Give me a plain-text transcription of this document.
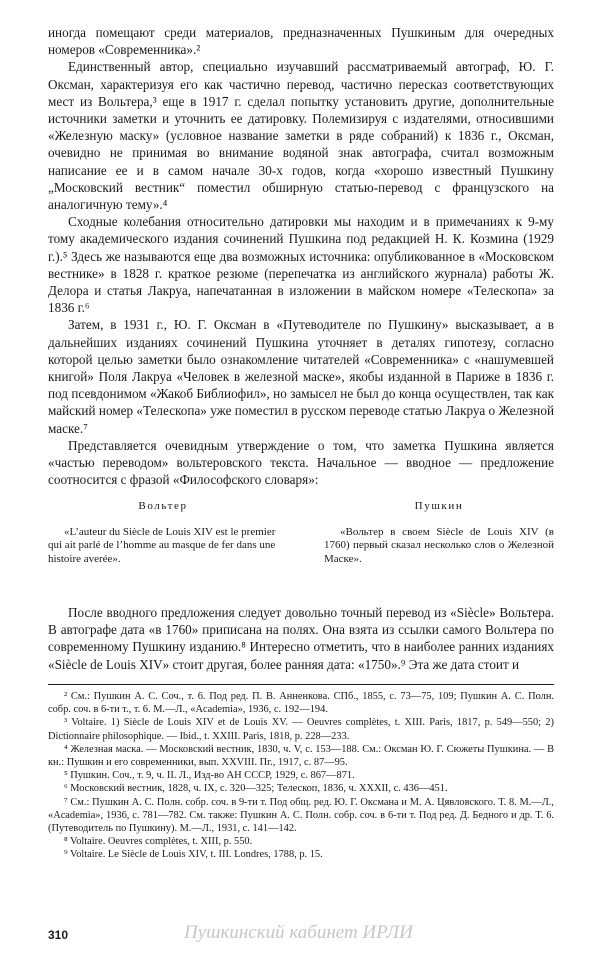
иногда помещают среди материалов, предназначенных Пушкиным для очередных номеров «Современника».²

Единственный автор, специально изучавший рассматриваемый автограф, Ю. Г. Оксман, характеризуя его как частично перевод, частично пересказ соответствующих мест из Вольтера,³ еще в 1917 г. сделал попытку установить другие, дополнительные источники заметки и уточнить ее датировку. Полемизируя с издателями, относившими «Железную маску» (условное название заметки в ряде собраний) к 1836 г., Оксман, очевидно не принимая во внимание водяной знак автографа, считал возможным написание ее и в самом начале 30-х годов, когда «хорошо известный Пушкину „Московский вестник“ поместил обширную статью-перевод с французского на аналогичную тему».⁴

Сходные колебания относительно датировки мы находим и в примечаниях к 9-му тому академического издания сочинений Пушкина под редакцией Н. К. Козмина (1929 г.).⁵ Здесь же называются еще два возможных источника: опубликованное в «Московском вестнике» в 1828 г. краткое резюме (перепечатка из английского журнала) работы Ж. Делора и статья Лакруа, напечатанная в изложении в майском номере «Телескопа» за 1836 г.⁶

Затем, в 1931 г., Ю. Г. Оксман в «Путеводителе по Пушкину» высказывает, а в дальнейших изданиях сочинений Пушкина уточняет в деталях гипотезу, согласно которой целью заметки было ознакомление читателей «Современника» с «нашумевшей книгой» Поля Лакруа «Человек в железной маске», якобы изданной в Париже в 1836 г. под псевдонимом «Жакоб Библиофил», но замысел не был до конца осуществлен, так как майский номер «Телескопа» уже поместил в русском переводе статью Лакруа о Железной маске.⁷

Представляется очевидным утверждение о том, что заметка Пушкина является «частью переводом» вольтеровского текста. Начальное — вводное — предложение соотносится с фразой «Философского словаря»:

Вольтер

«L’auteur du Siècle de Louis XIV est le premier qui ait parlé de l’homme au masque de fer dans une histoire averée».

Пушкин

«Вольтер в своем Siècle de Louis XIV (в 1760) первый сказал несколько слов о Железной Маске».

После вводного предложения следует довольно точный перевод из «Siècle» Вольтера. В автографе дата «в 1760» приписана на полях. Она взята из ссылки самого Вольтера по современному Пушкину изданию.⁸ Интересно отметить, что в наиболее ранних изданиях «Siècle de Louis XIV» стоит другая, более ранняя дата: «1750».⁹ Эта же дата стоит и

² См.: Пушкин А. С. Соч., т. 6. Под ред. П. В. Анненкова. СПб., 1855, с. 73—75, 109; Пушкин А. С. Полн. собр. соч. в 6-ти т., т. 6. М.—Л., «Academia», 1936, с. 192—194.

³ Voltaire. 1) Siècle de Louis XIV et de Louis XV. — Oeuvres complètes, t. XIII. Paris, 1817, p. 549—550; 2) Dictionnaire philosophique. — Ibid., t. XXIII. Paris, 1818, p. 228—233.

⁴ Железная маска. — Московский вестник, 1830, ч. V, с. 153—188. См.: Оксман Ю. Г. Сюжеты Пушкина. — В кн.: Пушкин и его современники, вып. XXVIII. Пг., 1917, с. 87—95.

⁵ Пушкин. Соч., т. 9, ч. II. Л., Изд-во АН СССР, 1929, с. 867—871.

⁶ Московский вестник, 1828, ч. IX, с. 320—325; Телескоп, 1836, ч. XXXII, с. 436—451.

⁷ См.: Пушкин А. С. Полн. собр. соч. в 9-ти т. Под общ. ред. Ю. Г. Оксмана и М. А. Цявловского. Т. 8. М.—Л., «Academia», 1936, с. 781—782. См. также: Пушкин А. С. Полн. собр. соч. в 6-ти т. Под ред. Д. Бедного и др. Т. 6. (Путеводитель по Пушкину). М.—Л., 1931, с. 141—142.

⁸ Voltaire. Oeuvres complètes, t. XIII, p. 550.

⁹ Voltaire. Le Siècle de Louis XIV, t. III. Londres, 1788, p. 15.

310	Пушкинский кабинет ИРЛИ
